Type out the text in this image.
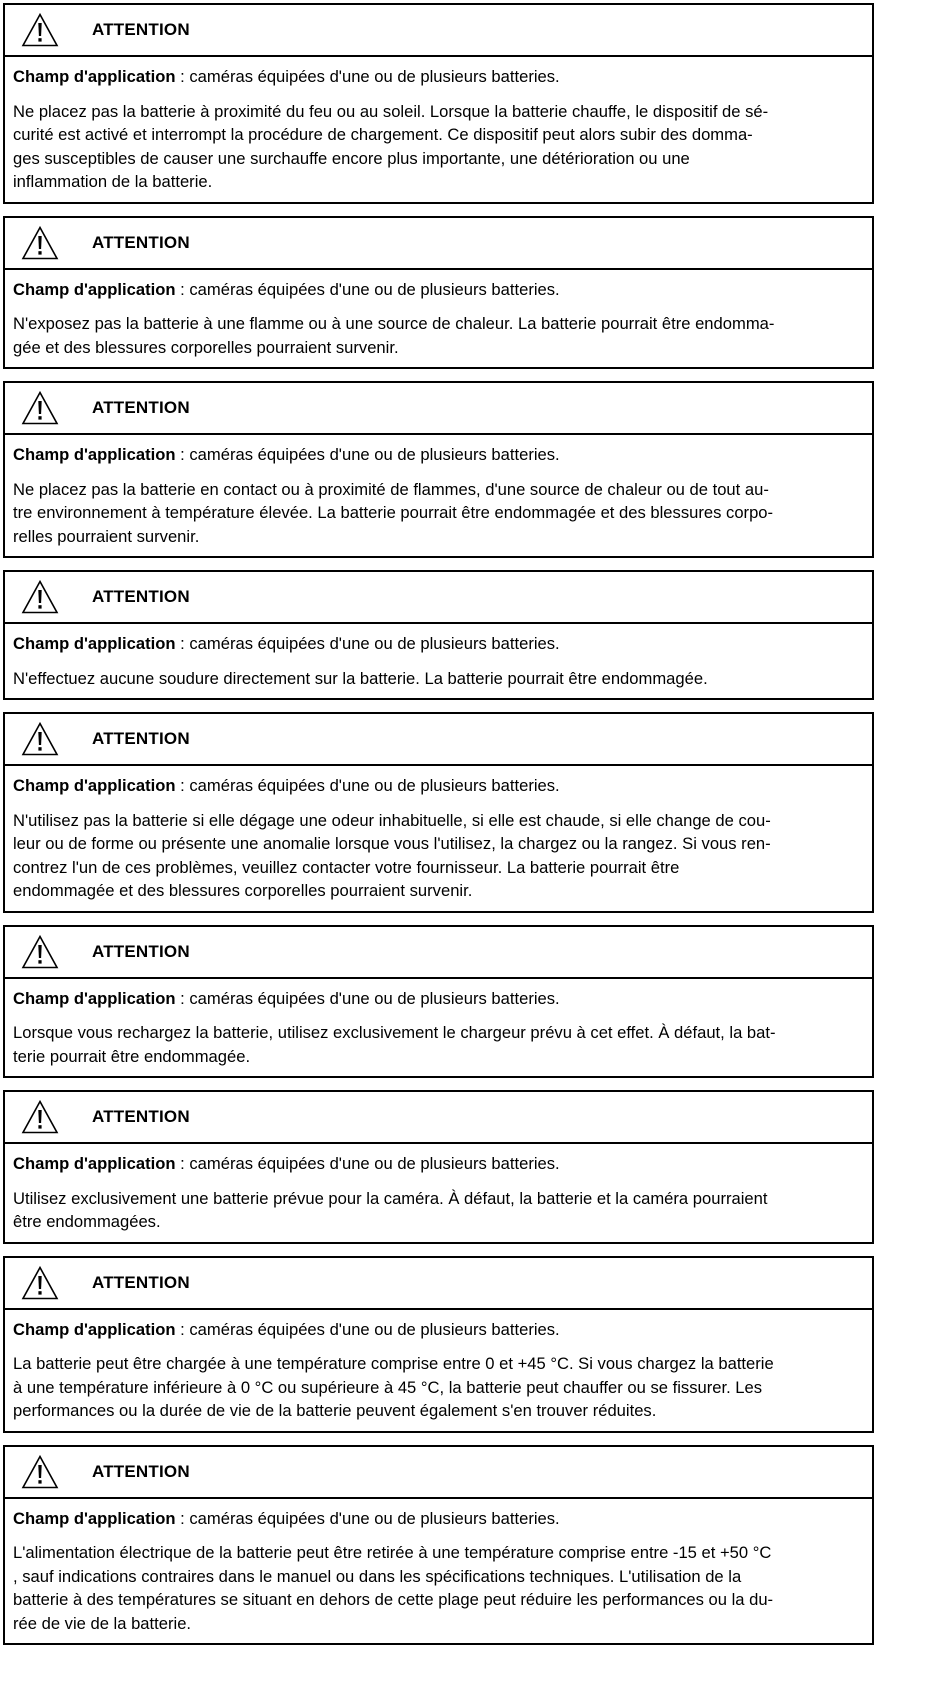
ATTENTION

Champ d'application : caméras équipées d'une ou de plusieurs batteries.

Ne placez pas la batterie à proximité du feu ou au soleil. Lorsque la batterie chauffe, le dispositif de sé-
curité est activé et interrompt la procédure de chargement. Ce dispositif peut alors subir des domma-
ges susceptibles de causer une surchauffe encore plus importante, une détérioration ou une
inflammation de la batterie.

ATTENTION

Champ d'application : caméras équipées d'une ou de plusieurs batteries.

N'exposez pas la batterie à une flamme ou à une source de chaleur. La batterie pourrait être endomma-
gée et des blessures corporelles pourraient survenir.

ATTENTION

Champ d'application : caméras équipées d'une ou de plusieurs batteries.

Ne placez pas la batterie en contact ou à proximité de flammes, d'une source de chaleur ou de tout au-
tre environnement à température élevée. La batterie pourrait être endommagée et des blessures corpo-
relles pourraient survenir.

ATTENTION

Champ d'application : caméras équipées d'une ou de plusieurs batteries.

N'effectuez aucune soudure directement sur la batterie. La batterie pourrait être endommagée.

ATTENTION

Champ d'application : caméras équipées d'une ou de plusieurs batteries.

N'utilisez pas la batterie si elle dégage une odeur inhabituelle, si elle est chaude, si elle change de cou-
leur ou de forme ou présente une anomalie lorsque vous l'utilisez, la chargez ou la rangez. Si vous ren-
contrez l'un de ces problèmes, veuillez contacter votre fournisseur. La batterie pourrait être
endommagée et des blessures corporelles pourraient survenir.

ATTENTION

Champ d'application : caméras équipées d'une ou de plusieurs batteries.

Lorsque vous rechargez la batterie, utilisez exclusivement le chargeur prévu à cet effet. À défaut, la bat-
terie pourrait être endommagée.

ATTENTION

Champ d'application : caméras équipées d'une ou de plusieurs batteries.

Utilisez exclusivement une batterie prévue pour la caméra. À défaut, la batterie et la caméra pourraient
être endommagées.

ATTENTION

Champ d'application : caméras équipées d'une ou de plusieurs batteries.

La batterie peut être chargée à une température comprise entre 0 et +45 °C. Si vous chargez la batterie
à une température inférieure à 0 °C ou supérieure à 45 °C, la batterie peut chauffer ou se fissurer. Les
performances ou la durée de vie de la batterie peuvent également s'en trouver réduites.

ATTENTION

Champ d'application : caméras équipées d'une ou de plusieurs batteries.

L'alimentation électrique de la batterie peut être retirée à une température comprise entre -15 et +50 °C
, sauf indications contraires dans le manuel ou dans les spécifications techniques. L'utilisation de la
batterie à des températures se situant en dehors de cette plage peut réduire les performances ou la du-
rée de vie de la batterie.
